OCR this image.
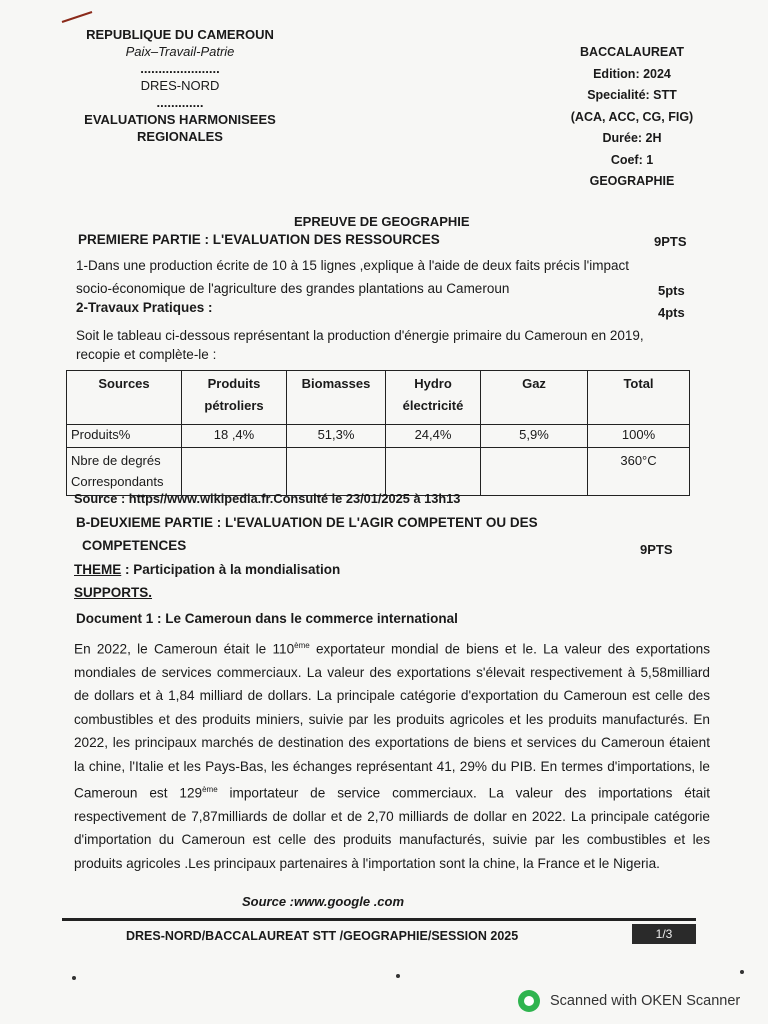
REPUBLIQUE DU CAMEROUN
Paix–Travail-Patrie
......................
DRES-NORD
.............
EVALUATIONS HARMONISEES
REGIONALES
BACCALAUREAT
Edition: 2024
Specialité: STT
(ACA, ACC, CG, FIG)
Durée: 2H
Coef: 1
GEOGRAPHIE
EPREUVE DE GEOGRAPHIE
PREMIERE PARTIE : L'EVALUATION DES RESSOURCES	9PTS
1-Dans une production écrite de 10 à 15 lignes ,explique à l'aide de deux faits précis l'impact
socio-économique de l'agriculture des grandes plantations au Cameroun	5pts
2-Travaux Pratiques :	4pts
Soit le tableau ci-dessous représentant la production d'énergie primaire du Cameroun en 2019,
recopie et complète-le :
Sources	Produits pétroliers	Biomasses	Hydro électricité	Gaz	Total
Produits%	18 ,4%	51,3%	24,4%	5,9%	100%
Nbre de degrés Correspondants					360°C
Source : https//www.wikipedia.fr.Consulté le 23/01/2025 à 13h13
B-DEUXIEME PARTIE : L'EVALUATION DE L'AGIR COMPETENT OU DES
COMPETENCES	9PTS
THEME : Participation à la mondialisation
SUPPORTS.
Document 1 : Le Cameroun dans le commerce international
En 2022, le Cameroun était le 110ème exportateur mondial de biens et le. La valeur des exportations mondiales de services commerciaux. La valeur des exportations s'élevait respectivement à 5,58milliard de dollars et à 1,84 milliard de dollars. La principale catégorie d'exportation du Cameroun est celle des combustibles et des produits miniers, suivie par les produits agricoles et les produits manufacturés. En 2022, les principaux marchés de destination des exportations de biens et services du Cameroun étaient la chine, l'Italie et les Pays-Bas, les échanges représentant 41, 29% du PIB. En termes d'importations, le Cameroun est 129ème importateur de service commerciaux. La valeur des importations était respectivement de 7,87milliards de dollar et de 2,70 milliards de dollar en 2022. La principale catégorie d'importation du Cameroun est celle des produits manufacturés, suivie par les combustibles et les produits agricoles .Les principaux partenaires à l'importation sont la chine, la France et le Nigeria.
Source :www.google .com
DRES-NORD/BACCALAUREAT STT /GEOGRAPHIE/SESSION 2025	1/3
Scanned with OKEN Scanner
